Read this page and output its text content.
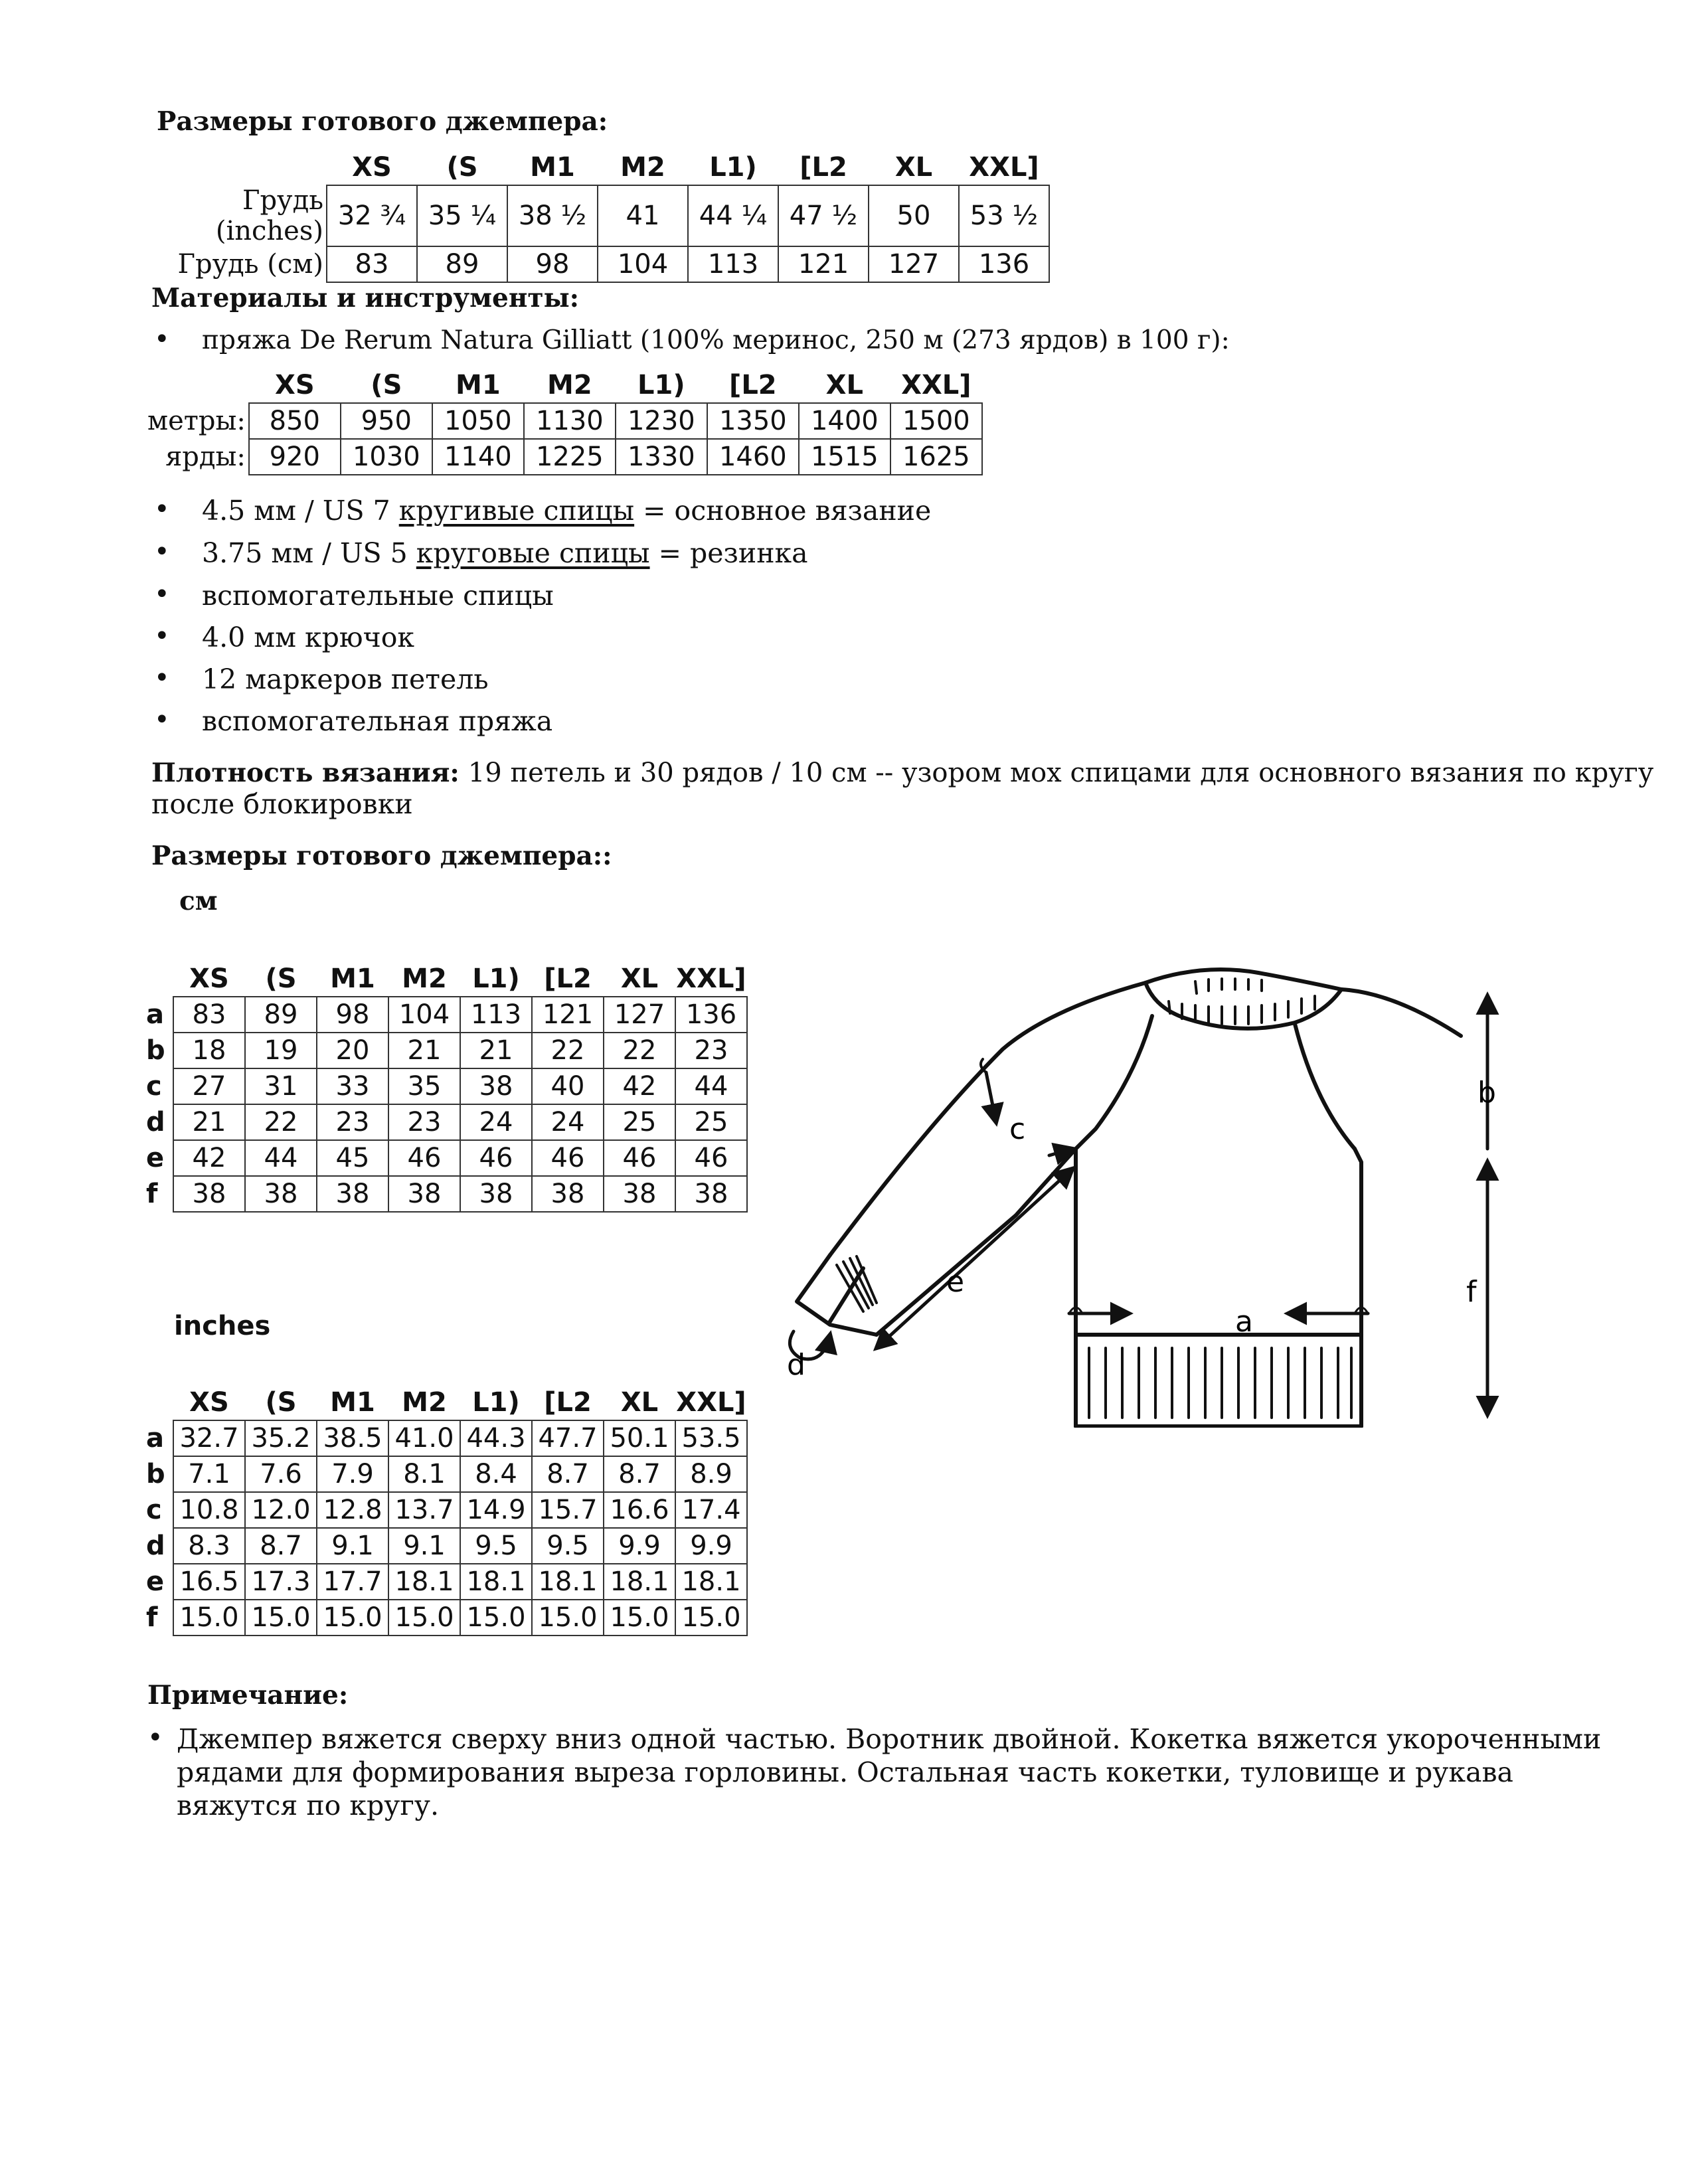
Размеры готового джемпера:
	XS	(S	M1	M2	L1)	[L2	XL	XXL]
Грудь (inches)	32 ¾	35 ¼	38 ½	41	44 ¼	47 ½	50	53 ½
Грудь (см)	83	89	98	104	113	121	127	136
Материалы и инструменты:
• пряжа De Rerum Natura Gilliatt (100% меринос, 250 м (273 ярдов) в 100 г):
	XS	(S	M1	M2	L1)	[L2	XL	XXL]
метры:	850	950	1050	1130	1230	1350	1400	1500
ярды:	920	1030	1140	1225	1330	1460	1515	1625
• 4.5 мм / US 7 кругивые спицы = основное вязание
• 3.75 мм / US 5 круговые спицы = резинка
• вспомогательные спицы
• 4.0 мм крючок
• 12 маркеров петель
• вспомогательная пряжа
Плотность вязания: 19 петель и 30 рядов / 10 см -- узором мох спицами для основного вязания по кругу
после блокировки
Размеры готового джемпера::
см
	XS	(S	M1	M2	L1)	[L2	XL	XXL]
a	83	89	98	104	113	121	127	136
b	18	19	20	21	21	22	22	23
c	27	31	33	35	38	40	42	44
d	21	22	23	23	24	24	25	25
e	42	44	45	46	46	46	46	46
f	38	38	38	38	38	38	38	38
inches
	XS	(S	M1	M2	L1)	[L2	XL	XXL]
a	32.7	35.2	38.5	41.0	44.3	47.7	50.1	53.5
b	7.1	7.6	7.9	8.1	8.4	8.7	8.7	8.9
c	10.8	12.0	12.8	13.7	14.9	15.7	16.6	17.4
d	8.3	8.7	9.1	9.1	9.5	9.5	9.9	9.9
e	16.5	17.3	17.7	18.1	18.1	18.1	18.1	18.1
f	15.0	15.0	15.0	15.0	15.0	15.0	15.0	15.0
a
b
c
d
e	f
Примечание:
• Джемпер вяжется сверху вниз одной частью. Воротник двойной. Кокетка вяжется укороченными
рядами для формирования выреза горловины. Остальная часть кокетки, туловище и рукава
вяжутся по кругу.
